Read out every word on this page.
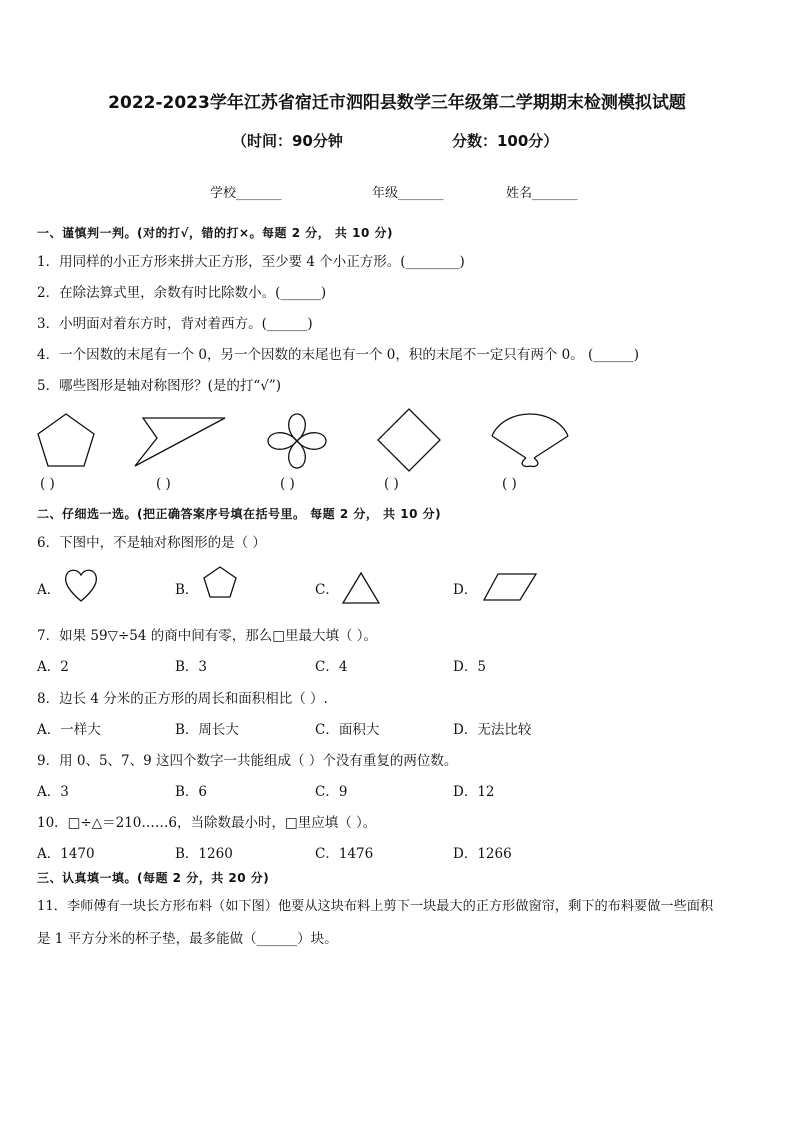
2022-2023学年江苏省宿迁市泗阳县数学三年级第二学期期末检测模拟试题
（时间：90分钟	分数：100分）
学校_______	年级_______	姓名_______
一、谨慎判一判。(对的打√，错的打×。每题 2 分， 共 10 分)
1．用同样的小正方形来拼大正方形，至少要 4 个小正方形。(________)
2．在除法算式里，余数有时比除数小。(______)
3．小明面对着东方时，背对着西方。(______)
4．一个因数的末尾有一个 0，另一个因数的末尾也有一个 0，积的末尾不一定只有两个 0。 (______)
5．哪些图形是轴对称图形？(是的打“√”)
( )	( )	( )	( )	( )
二、仔细选一选。(把正确答案序号填在括号里。 每题 2 分， 共 10 分)
6．下图中，不是轴对称图形的是（ ）
A．	B．	C．	D．
7．如果 59▽÷54 的商中间有零，那么□里最大填（ ）。
A．2	B．3	C．4	D．5
8．边长 4 分米的正方形的周长和面积相比（ ）.
A．一样大	B．周长大	C．面积大	D．无法比较
9．用 0、5、7、9 这四个数字一共能组成（ ）个没有重复的两位数。
A．3	B．6	C．9	D．12
10．□÷△＝210……6，当除数最小时，□里应填（ ）。
A．1470	B．1260	C．1476	D．1266
三、认真填一填。(每题 2 分，共 20 分)
11．李师傅有一块长方形布料（如下图）他要从这块布料上剪下一块最大的正方形做窗帘，剩下的布料要做一些面积
是 1 平方分米的杯子垫，最多能做（______）块。
